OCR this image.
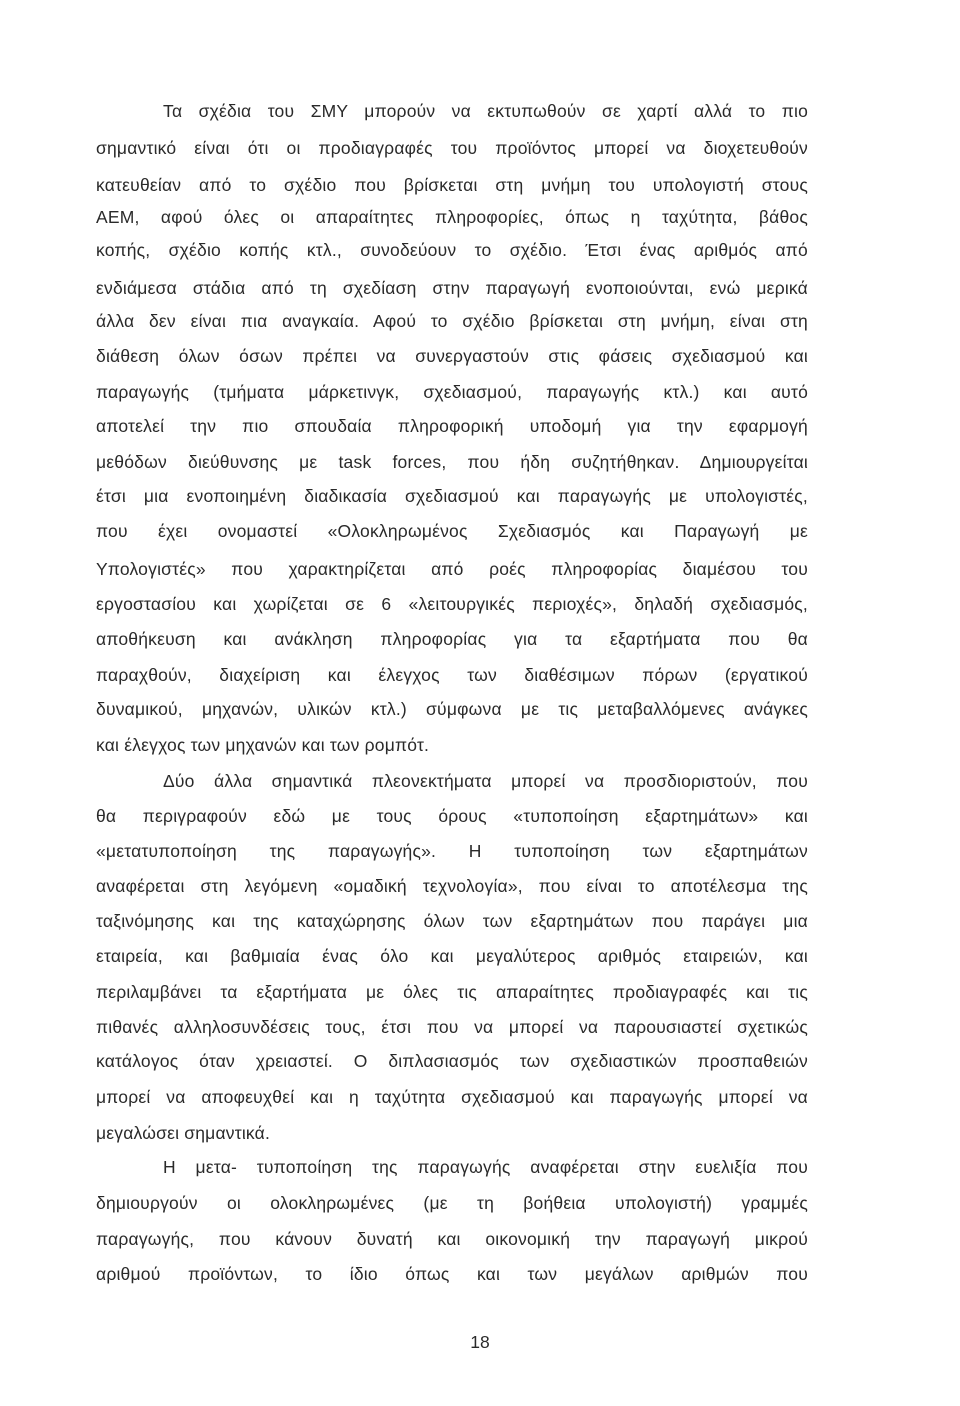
Τα σχέδια του ΣΜΥ μπορούν να εκτυπωθούν σε χαρτί αλλά το πιο
σημαντικό είναι ότι οι προδιαγραφές του προϊόντος μπορεί να διοχετευθούν
κατευθείαν από το σχέδιο που βρίσκεται στη μνήμη του υπολογιστή στους
ΑΕΜ, αφού όλες οι απαραίτητες πληροφορίες, όπως η ταχύτητα, βάθος
κοπής, σχέδιο κοπής κτλ., συνοδεύουν το σχέδιο. Έτσι ένας αριθμός από
ενδιάμεσα στάδια από τη σχεδίαση στην παραγωγή ενοποιούνται, ενώ μερικά
άλλα δεν είναι πια αναγκαία. Αφού το σχέδιο βρίσκεται στη μνήμη, είναι στη
διάθεση όλων όσων πρέπει να συνεργαστούν στις φάσεις σχεδιασμού και
παραγωγής (τμήματα μάρκετινγκ, σχεδιασμού, παραγωγής κτλ.) και αυτό
αποτελεί την πιο σπουδαία πληροφορική υποδομή για την εφαρμογή
μεθόδων διεύθυνσης με task forces, που ήδη συζητήθηκαν. Δημιουργείται
έτσι μια ενοποιημένη διαδικασία σχεδιασμού και παραγωγής με υπολογιστές,
που έχει ονομαστεί «Ολοκληρωμένος Σχεδιασμός και Παραγωγή με
Υπολογιστές» που χαρακτηρίζεται από ροές πληροφορίας διαμέσου του
εργοστασίου και χωρίζεται σε 6 «λειτουργικές περιοχές», δηλαδή σχεδιασμός,
αποθήκευση και ανάκληση πληροφορίας για τα εξαρτήματα που θα
παραχθούν, διαχείριση και έλεγχος των διαθέσιμων πόρων (εργατικού
δυναμικού, μηχανών, υλικών κτλ.) σύμφωνα με τις μεταβαλλόμενες ανάγκες
και έλεγχος των μηχανών και των ρομπότ.
Δύο άλλα σημαντικά πλεονεκτήματα μπορεί να προσδιοριστούν, που
θα περιγραφούν εδώ με τους όρους «τυποποίηση εξαρτημάτων» και
«μετατυποποίηση της παραγωγής». Η τυποποίηση των εξαρτημάτων
αναφέρεται στη λεγόμενη «ομαδική τεχνολογία», που είναι το αποτέλεσμα της
ταξινόμησης και της καταχώρησης όλων των εξαρτημάτων που παράγει μια
εταιρεία, και βαθμιαία ένας όλο και μεγαλύτερος αριθμός εταιρειών, και
περιλαμβάνει τα εξαρτήματα με όλες τις απαραίτητες προδιαγραφές και τις
πιθανές αλληλοσυνδέσεις τους, έτσι που να μπορεί να παρουσιαστεί σχετικώς
κατάλογος όταν χρειαστεί. Ο διπλασιασμός των σχεδιαστικών προσπαθειών
μπορεί να αποφευχθεί και η ταχύτητα σχεδιασμού και παραγωγής μπορεί να
μεγαλώσει σημαντικά.
Η μετα- τυποποίηση της παραγωγής αναφέρεται στην ευελιξία που
δημιουργούν οι ολοκληρωμένες (με τη βοήθεια υπολογιστή) γραμμές
παραγωγής, που κάνουν δυνατή και οικονομική την παραγωγή μικρού
αριθμού προϊόντων, το ίδιο όπως και των μεγάλων αριθμών που
18
